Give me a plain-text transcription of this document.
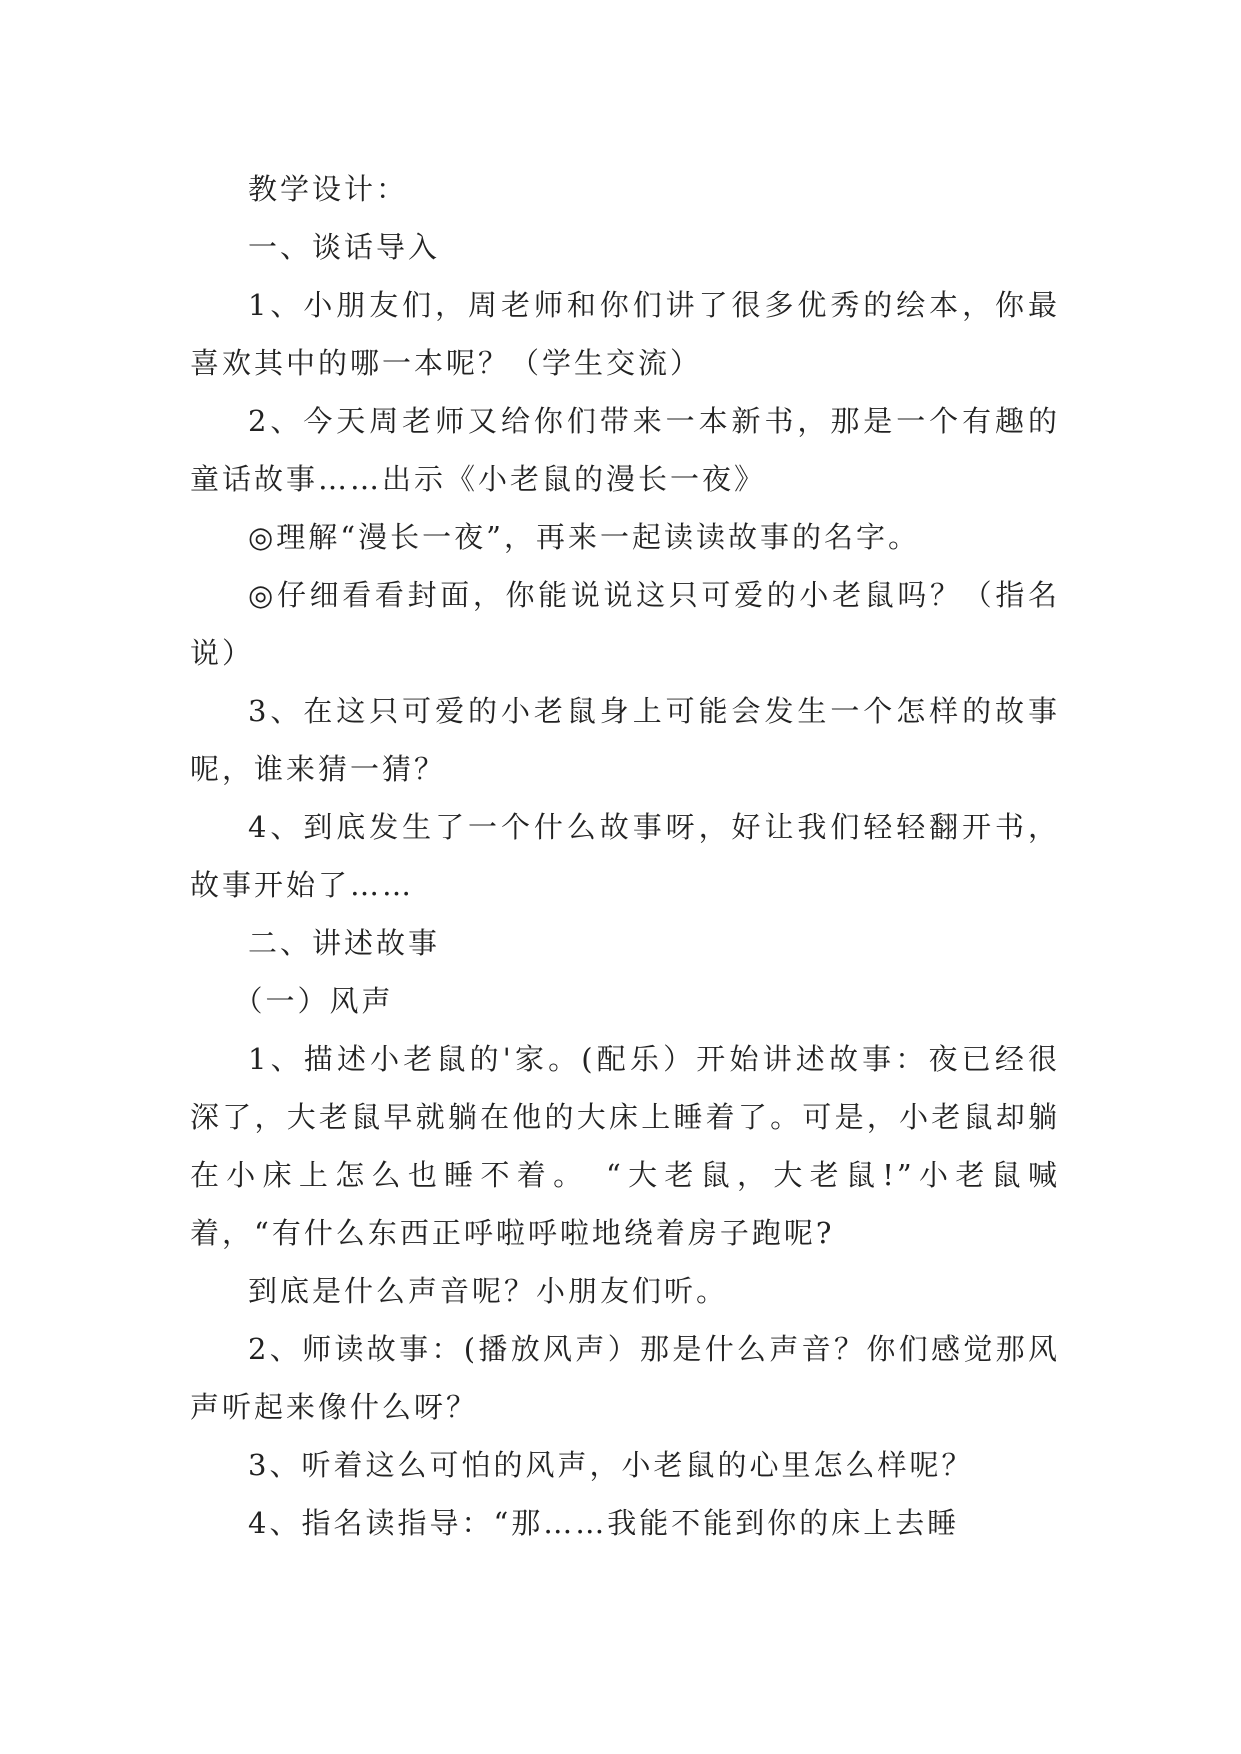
教学设计：

一、谈话导入

1、小朋友们，周老师和你们讲了很多优秀的绘本，你最喜欢其中的哪一本呢？（学生交流）

2、今天周老师又给你们带来一本新书，那是一个有趣的童话故事……出示《小老鼠的漫长一夜》

◎理解“漫长一夜”，再来一起读读故事的名字。

◎仔细看看封面，你能说说这只可爱的小老鼠吗？（指名说）

3、在这只可爱的小老鼠身上可能会发生一个怎样的故事呢，谁来猜一猜？

4、到底发生了一个什么故事呀，好让我们轻轻翻开书，故事开始了……

二、讲述故事

（一）风声

1、描述小老鼠的'家。(配乐）开始讲述故事：夜已经很深了，大老鼠早就躺在他的大床上睡着了。可是，小老鼠却躺在小床上怎么也睡不着。 “大老鼠，大老鼠!”小老鼠喊着，“有什么东西正呼啦呼啦地绕着房子跑呢?

到底是什么声音呢？小朋友们听。

2、师读故事：(播放风声）那是什么声音？你们感觉那风声听起来像什么呀？

3、听着这么可怕的风声，小老鼠的心里怎么样呢？

4、指名读指导：“那……我能不能到你的床上去睡
